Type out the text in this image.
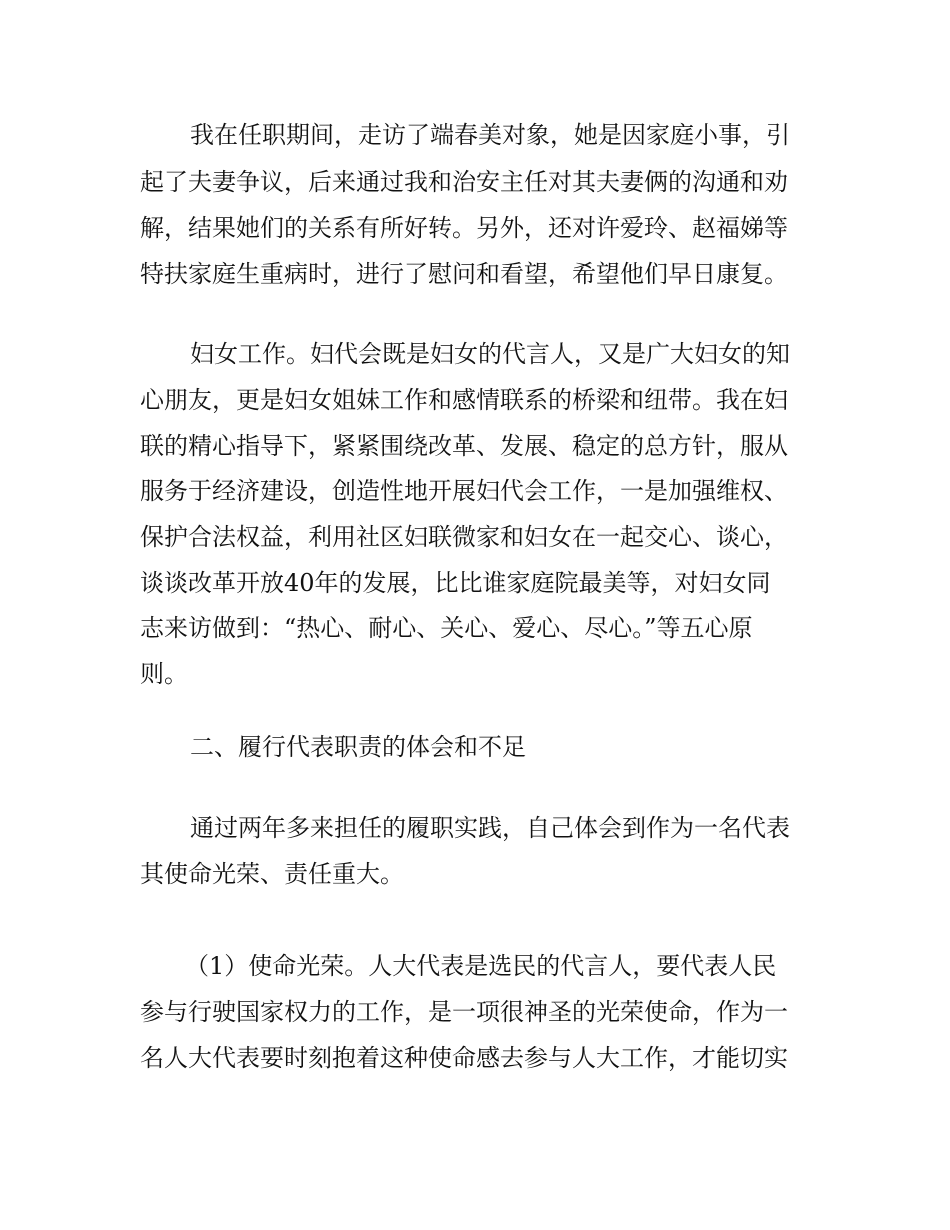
我在任职期间，走访了端春美对象，她是因家庭小事，引
起了夫妻争议，后来通过我和治安主任对其夫妻俩的沟通和劝
解，结果她们的关系有所好转。另外，还对许爱玲、赵福娣等
特扶家庭生重病时，进行了慰问和看望，希望他们早日康复。
妇女工作。妇代会既是妇女的代言人，又是广大妇女的知
心朋友，更是妇女姐妹工作和感情联系的桥梁和纽带。我在妇
联的精心指导下，紧紧围绕改革、发展、稳定的总方针，服从
服务于经济建设，创造性地开展妇代会工作，一是加强维权、
保护合法权益，利用社区妇联微家和妇女在一起交心、谈心，
谈谈改革开放40年的发展，比比谁家庭院最美等，对妇女同
志来访做到：“热心、耐心、关心、爱心、尽心。”等五心原
则。
二、履行代表职责的体会和不足
通过两年多来担任的履职实践，自己体会到作为一名代表
其使命光荣、责任重大。
（1）使命光荣。人大代表是选民的代言人，要代表人民
参与行驶国家权力的工作，是一项很神圣的光荣使命，作为一
名人大代表要时刻抱着这种使命感去参与人大工作，才能切实
